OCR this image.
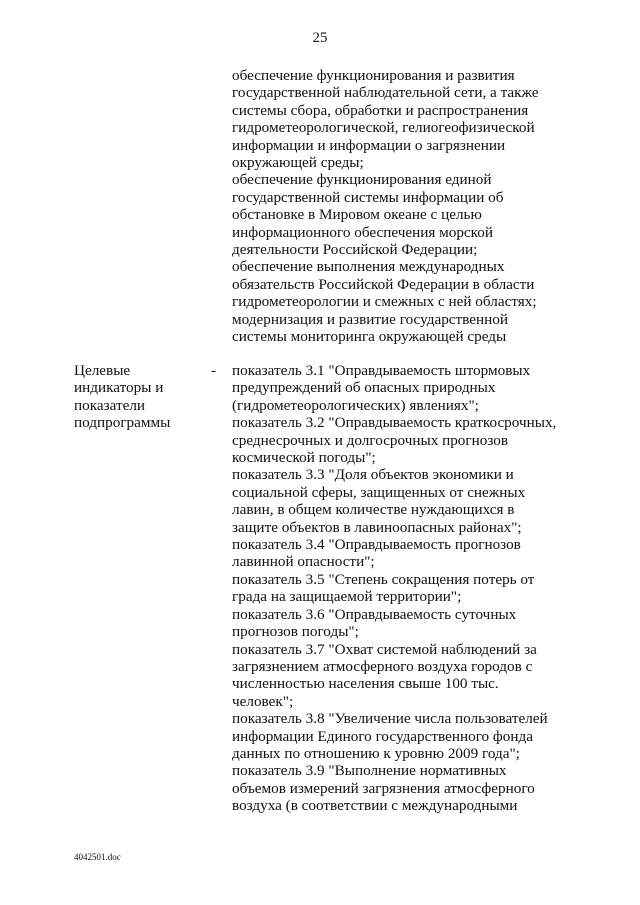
25
обеспечение функционирования и развития
государственной наблюдательной сети, а также
системы сбора, обработки и распространения
гидрометеорологической, гелиогеофизической
информации и информации о загрязнении
окружающей среды;
обеспечение функционирования единой
государственной системы информации об
обстановке в Мировом океане с целью
информационного обеспечения морской
деятельности Российской Федерации;
обеспечение выполнения международных
обязательств Российской Федерации в области
гидрометеорологии и смежных с ней областях;
модернизация и развитие государственной
системы мониторинга окружающей среды
Целевые
индикаторы и
показатели
подпрограммы
- показатель 3.1 "Оправдываемость штормовых
предупреждений об опасных природных
(гидрометеорологических) явлениях";
показатель 3.2 "Оправдываемость краткосрочных,
среднесрочных и долгосрочных прогнозов
космической погоды";
показатель 3.3 "Доля объектов экономики и
социальной сферы, защищенных от снежных
лавин, в общем количестве нуждающихся в
защите объектов в лавиноопасных районах";
показатель 3.4 "Оправдываемость прогнозов
лавинной опасности";
показатель 3.5 "Степень сокращения потерь от
града на защищаемой территории";
показатель 3.6 "Оправдываемость суточных
прогнозов погоды";
показатель 3.7 "Охват системой наблюдений за
загрязнением атмосферного воздуха городов с
численностью населения свыше 100 тыс.
человек";
показатель 3.8 "Увеличение числа пользователей
информации Единого государственного фонда
данных по отношению к уровню 2009 года";
показатель 3.9 "Выполнение нормативных
объемов измерений загрязнения атмосферного
воздуха (в соответствии с международными
4042501.doc
